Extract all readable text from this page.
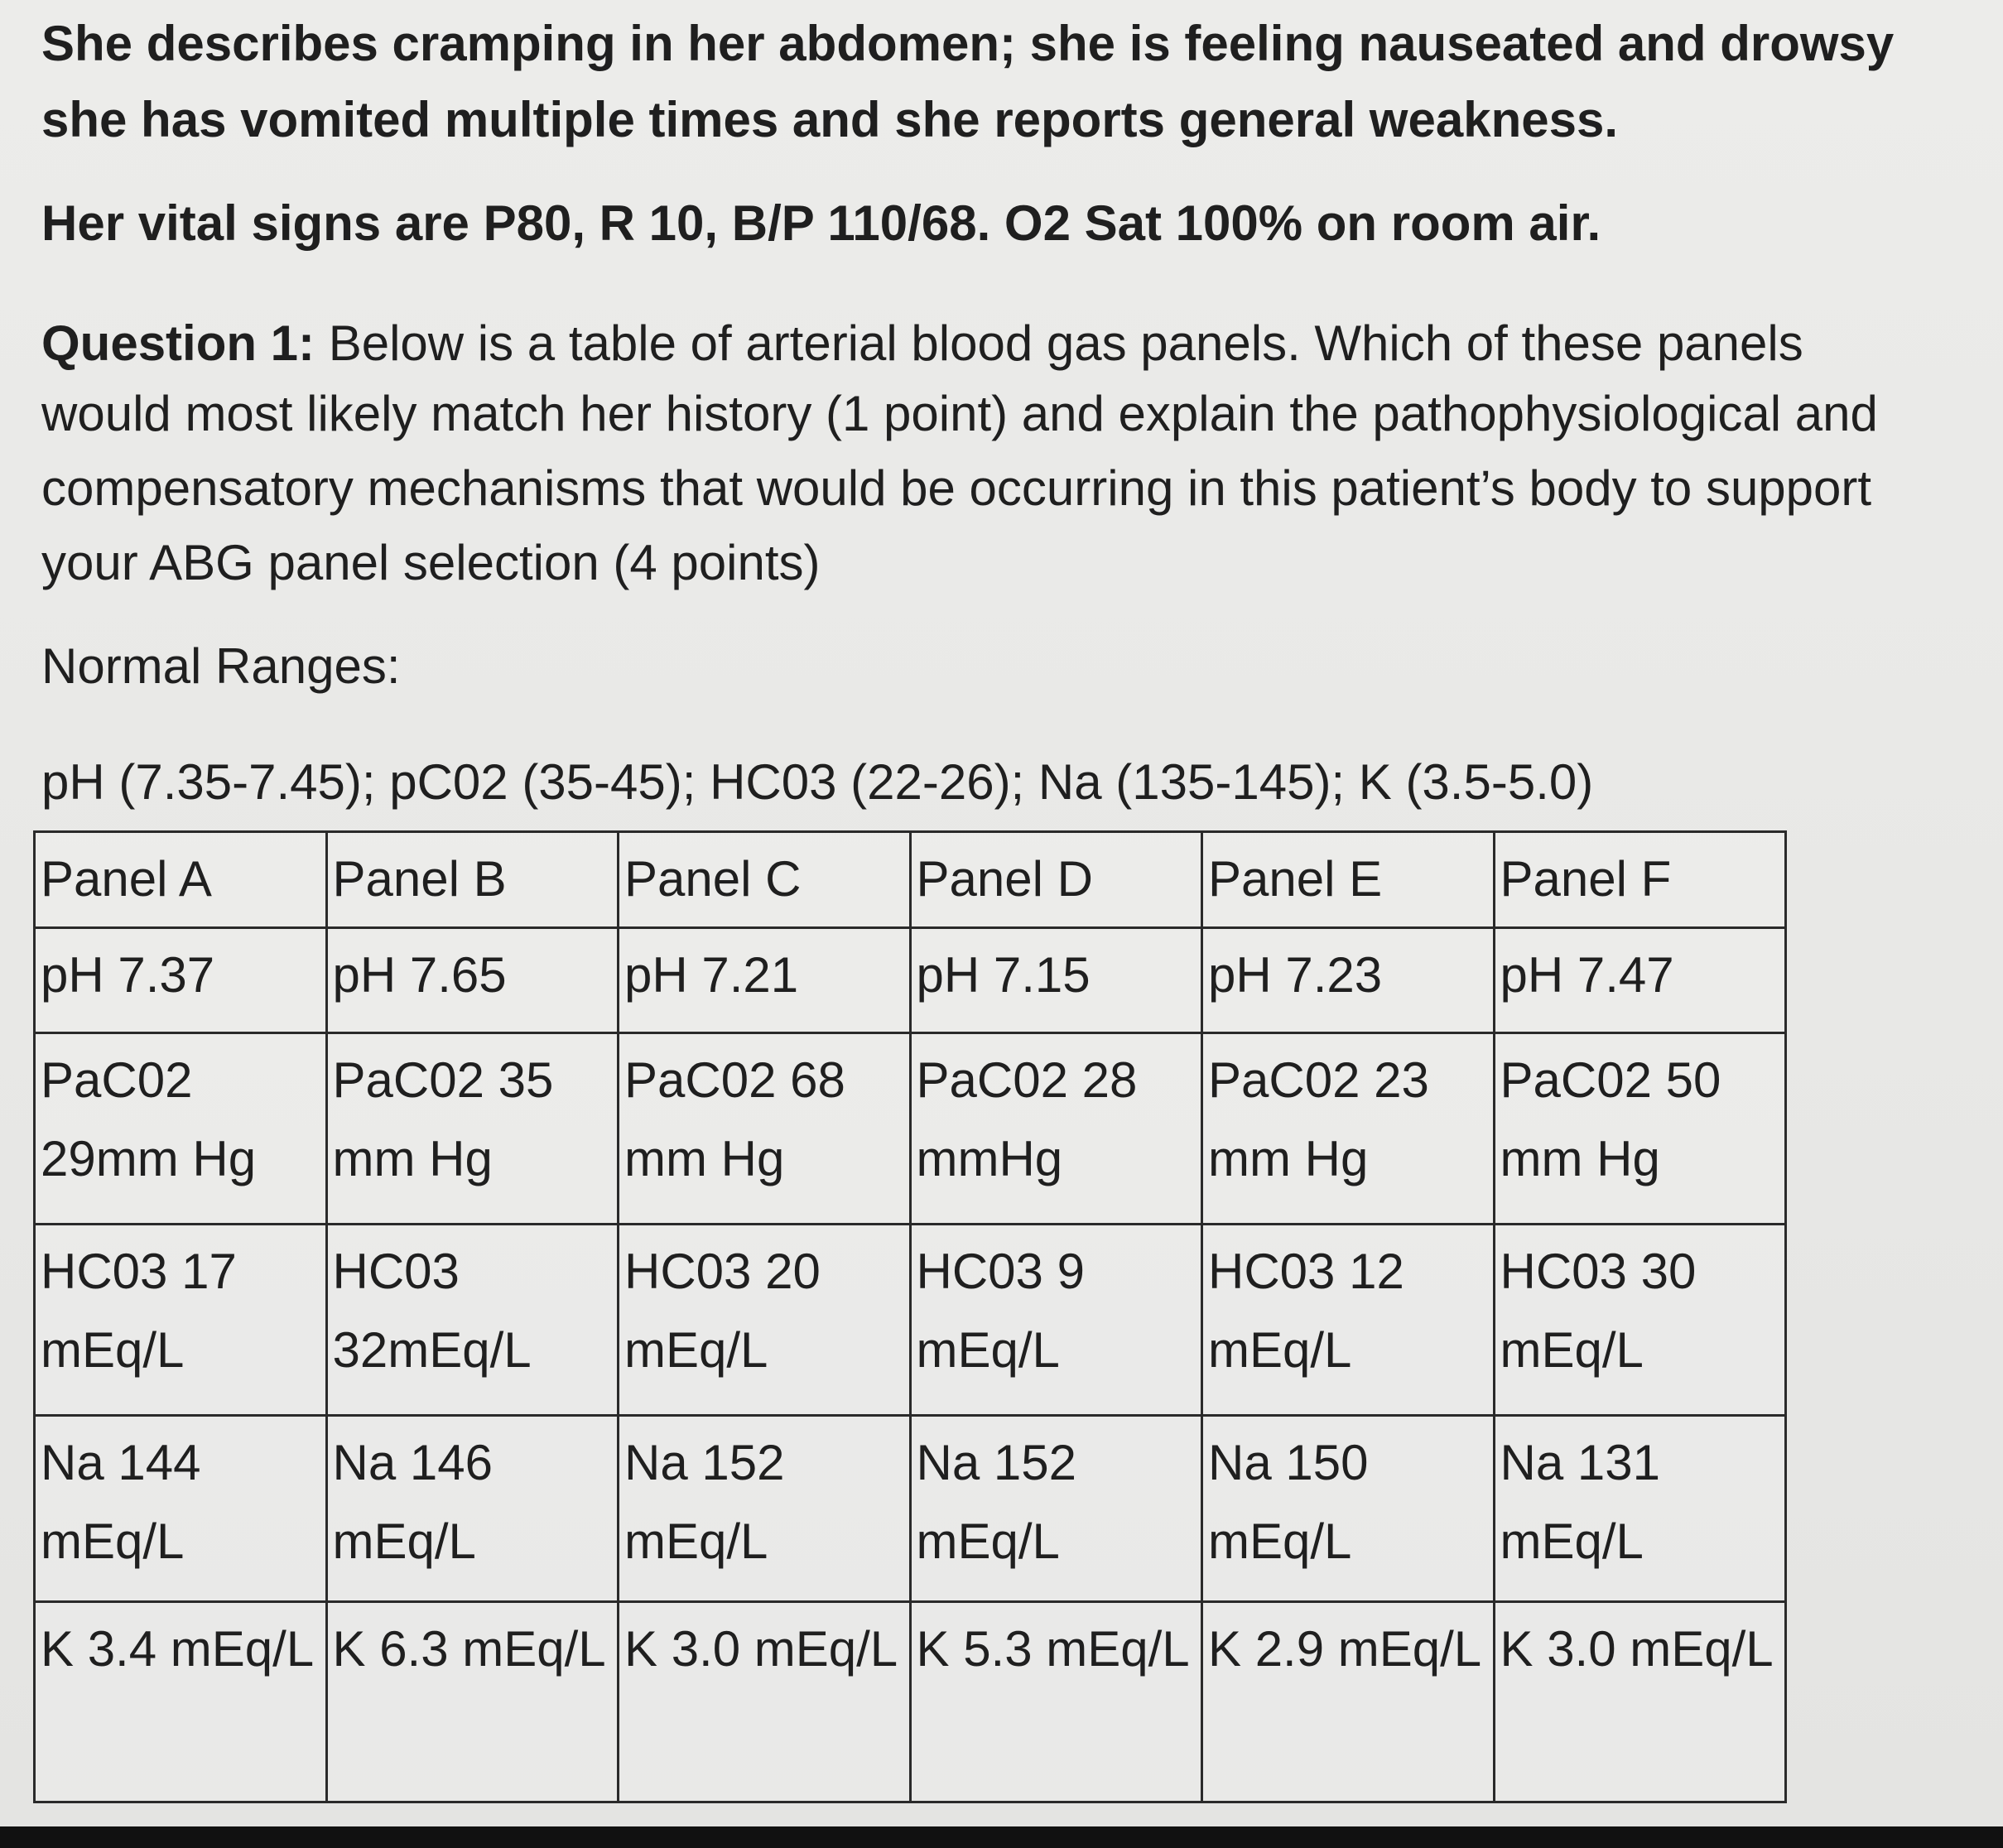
She describes cramping in her abdomen; she is feeling nauseated and drowsy

she has vomited multiple times and she reports general weakness.

Her vital signs are P80, R 10, B/P 110/68. O2 Sat 100% on room air.

Question 1: Below is a table of arterial blood gas panels. Which of these panels

would most likely match her history (1 point) and explain the pathophysiological and

compensatory mechanisms that would be occurring in this patient’s body to support

your ABG panel selection (4 points)

Normal Ranges:

pH (7.35-7.45); pC02 (35-45); HC03 (22-26); Na (135-145); K (3.5-5.0)

Panel A	Panel B	Panel C	Panel D	Panel E	Panel F
pH 7.37	pH 7.65	pH 7.21	pH 7.15	pH 7.23	pH 7.47
PaC02 29mm Hg	PaC02 35 mm Hg	PaC02 68 mm Hg	PaC02 28 mmHg	PaC02 23 mm Hg	PaC02 50 mm Hg
HC03 17 mEq/L	HC03 32mEq/L	HC03 20 mEq/L	HC03 9 mEq/L	HC03 12 mEq/L	HC03 30 mEq/L
Na 144 mEq/L	Na 146 mEq/L	Na 152 mEq/L	Na 152 mEq/L	Na 150 mEq/L	Na 131 mEq/L
K 3.4 mEq/L	K 6.3 mEq/L	K 3.0 mEq/L	K 5.3 mEq/L	K 2.9 mEq/L	K 3.0 mEq/L
